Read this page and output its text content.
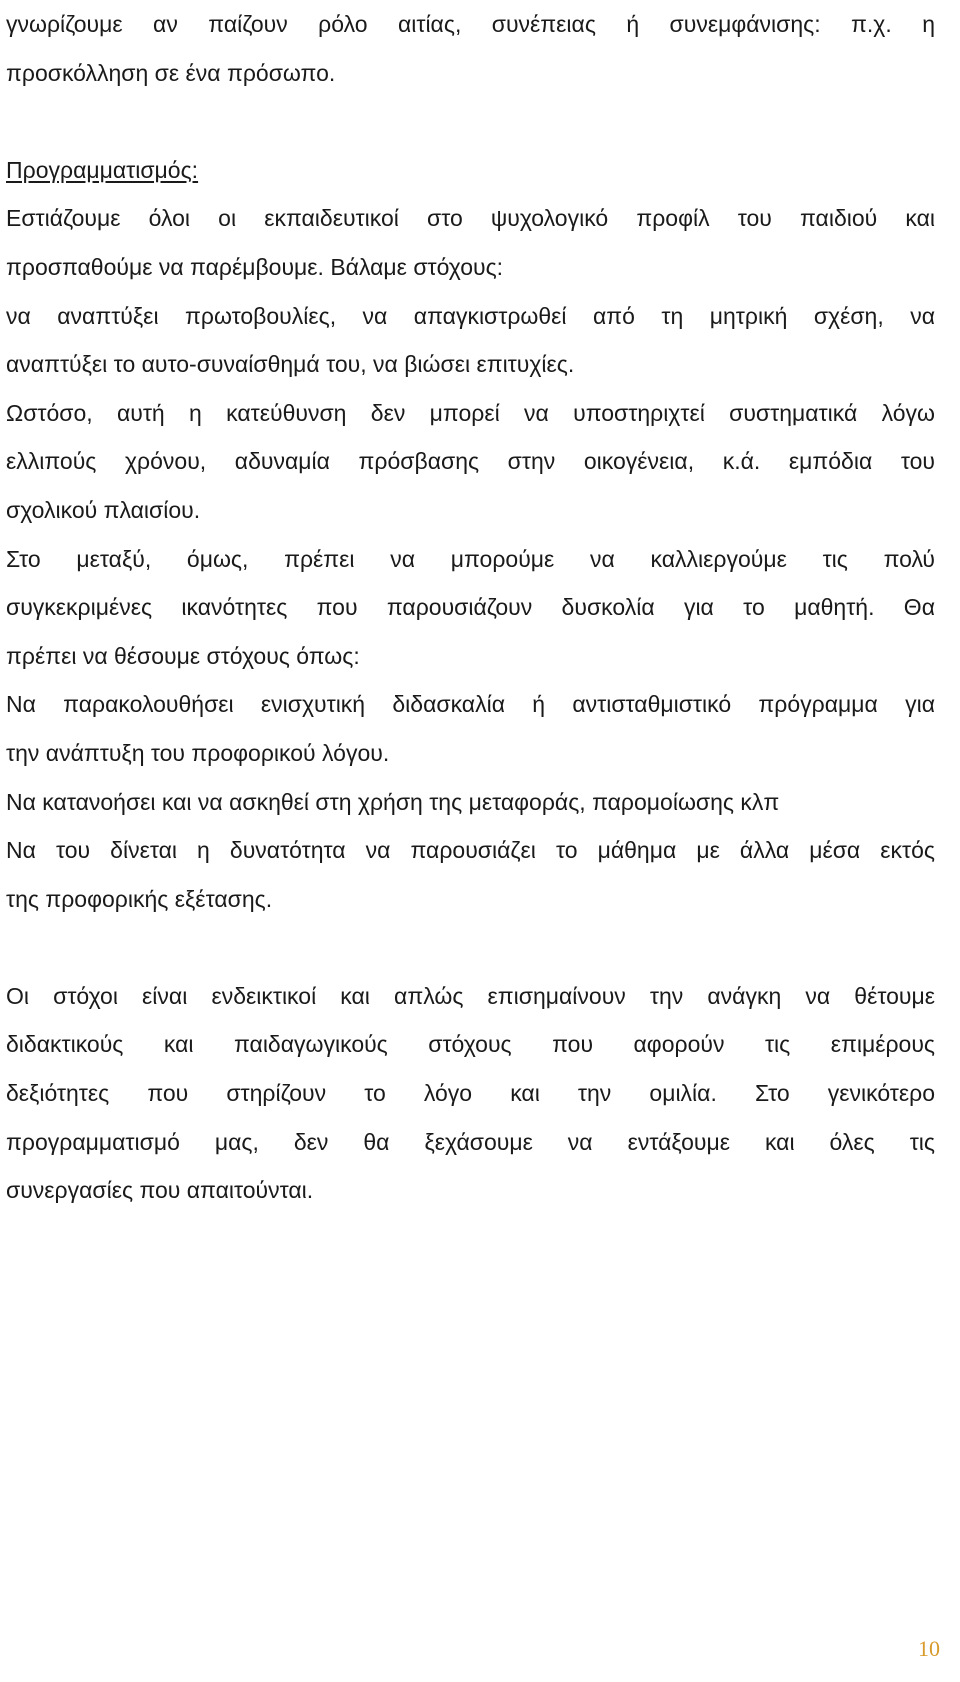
γνωρίζουμε αν παίζουν ρόλο αιτίας, συνέπειας ή συνεμφάνισης: π.χ. η
προσκόλληση σε ένα πρόσωπο.
Προγραμματισμός:
Εστιάζουμε όλοι οι εκπαιδευτικοί στο ψυχολογικό προφίλ του παιδιού και
προσπαθούμε να παρέμβουμε. Βάλαμε στόχους:
να αναπτύξει πρωτοβουλίες, να απαγκιστρωθεί από τη μητρική σχέση, να
αναπτύξει το αυτο-συναίσθημά του, να βιώσει επιτυχίες.
Ωστόσο, αυτή η κατεύθυνση δεν μπορεί να υποστηριχτεί συστηματικά λόγω
ελλιπούς χρόνου, αδυναμία πρόσβασης στην οικογένεια, κ.ά. εμπόδια του
σχολικού πλαισίου.
Στο μεταξύ, όμως, πρέπει να μπορούμε να καλλιεργούμε τις πολύ
συγκεκριμένες ικανότητες που παρουσιάζουν δυσκολία για το μαθητή. Θα
πρέπει να θέσουμε στόχους όπως:
Να παρακολουθήσει ενισχυτική διδασκαλία ή αντισταθμιστικό πρόγραμμα για
την ανάπτυξη του προφορικού λόγου.
Να κατανοήσει και να ασκηθεί στη χρήση της μεταφοράς, παρομοίωσης κλπ
Να του δίνεται η δυνατότητα να παρουσιάζει το μάθημα με άλλα μέσα εκτός
της προφορικής εξέτασης.
Οι στόχοι είναι ενδεικτικοί και απλώς επισημαίνουν την ανάγκη να θέτουμε
διδακτικούς και παιδαγωγικούς στόχους που αφορούν τις επιμέρους
δεξιότητες που στηρίζουν το λόγο και την ομιλία. Στο γενικότερο
προγραμματισμό μας, δεν θα ξεχάσουμε να εντάξουμε και όλες τις
συνεργασίες που απαιτούνται.
10
